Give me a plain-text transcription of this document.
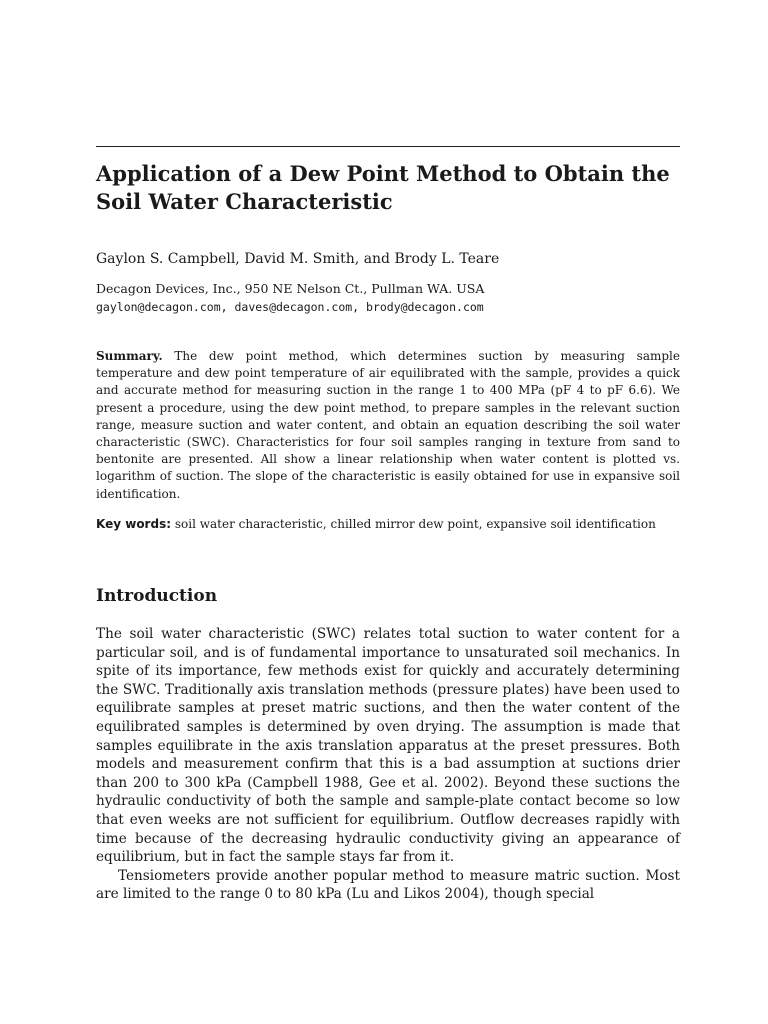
Application of a Dew Point Method to Obtain the Soil Water Characteristic
Gaylon S. Campbell, David M. Smith, and Brody L. Teare
Decagon Devices, Inc., 950 NE Nelson Ct., Pullman WA. USA
gaylon@decagon.com, daves@decagon.com, brody@decagon.com

Summary. The dew point method, which determines suction by measuring sample temperature and dew point temperature of air equilibrated with the sample, provides a quick and accurate method for measuring suction in the range 1 to 400 MPa (pF 4 to pF 6.6). We present a procedure, using the dew point method, to prepare samples in the relevant suction range, measure suction and water content, and obtain an equation describing the soil water characteristic (SWC). Characteristics for four soil samples ranging in texture from sand to bentonite are presented. All show a linear relationship when water content is plotted vs. logarithm of suction. The slope of the characteristic is easily obtained for use in expansive soil identification.

Key words: soil water characteristic, chilled mirror dew point, expansive soil identification

Introduction

The soil water characteristic (SWC) relates total suction to water content for a particular soil, and is of fundamental importance to unsaturated soil mechanics. In spite of its importance, few methods exist for quickly and accurately determining the SWC. Traditionally axis translation methods (pressure plates) have been used to equilibrate samples at preset matric suctions, and then the water content of the equilibrated samples is determined by oven drying. The assumption is made that samples equilibrate in the axis translation apparatus at the preset pressures. Both models and measurement confirm that this is a bad assumption at suctions drier than 200 to 300 kPa (Campbell 1988, Gee et al. 2002). Beyond these suctions the hydraulic conductivity of both the sample and sample-plate contact become so low that even weeks are not sufficient for equilibrium. Outflow decreases rapidly with time because of the decreasing hydraulic conductivity giving an appearance of equilibrium, but in fact the sample stays far from it.

Tensiometers provide another popular method to measure matric suction. Most are limited to the range 0 to 80 kPa (Lu and Likos 2004), though special
